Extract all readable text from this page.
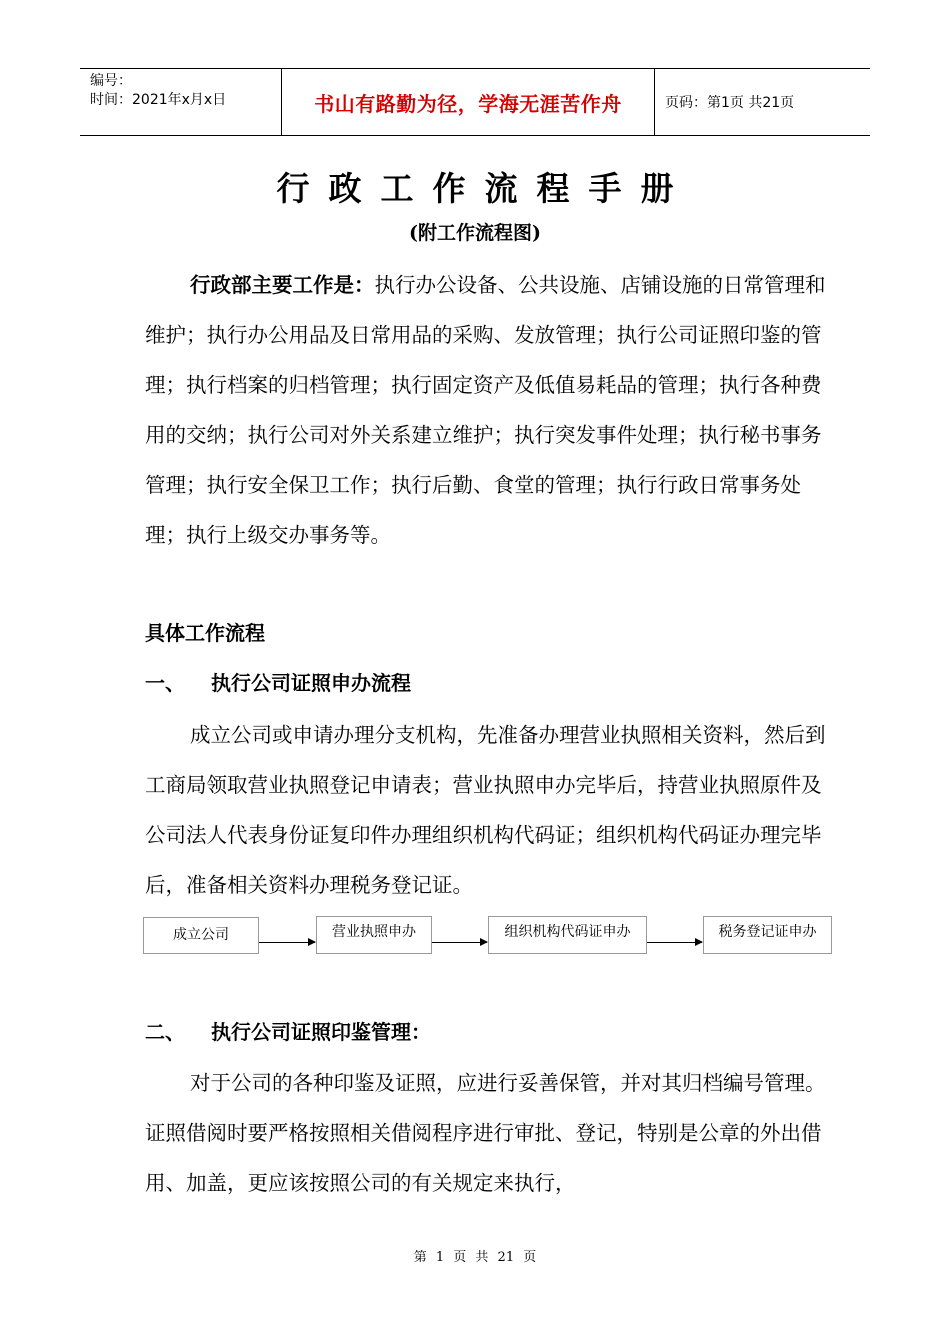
编号：
时间：2021年x月x日	书山有路勤为径，学海无涯苦作舟	页码：第1页 共21页
行政工作流程手册
(附工作流程图)
行政部主要工作是：执行办公设备、公共设施、店铺设施的日常管理和维护；执行办公用品及日常用品的采购、发放管理；执行公司证照印鉴的管理；执行档案的归档管理；执行固定资产及低值易耗品的管理；执行各种费用的交纳；执行公司对外关系建立维护；执行突发事件处理；执行秘书事务管理；执行安全保卫工作；执行后勤、食堂的管理；执行行政日常事务处理；执行上级交办事务等。
具体工作流程
一、 执行公司证照申办流程
成立公司或申请办理分支机构，先准备办理营业执照相关资料，然后到工商局领取营业执照登记申请表；营业执照申办完毕后，持营业执照原件及公司法人代表身份证复印件办理组织机构代码证；组织机构代码证办理完毕后，准备相关资料办理税务登记证。
成立公司	营业执照申办	组织机构代码证申办	税务登记证申办
二、 执行公司证照印鉴管理：
对于公司的各种印鉴及证照，应进行妥善保管，并对其归档编号管理。证照借阅时要严格按照相关借阅程序进行审批、登记，特别是公章的外出借用、加盖，更应该按照公司的有关规定来执行，
第 1 页 共 21 页
